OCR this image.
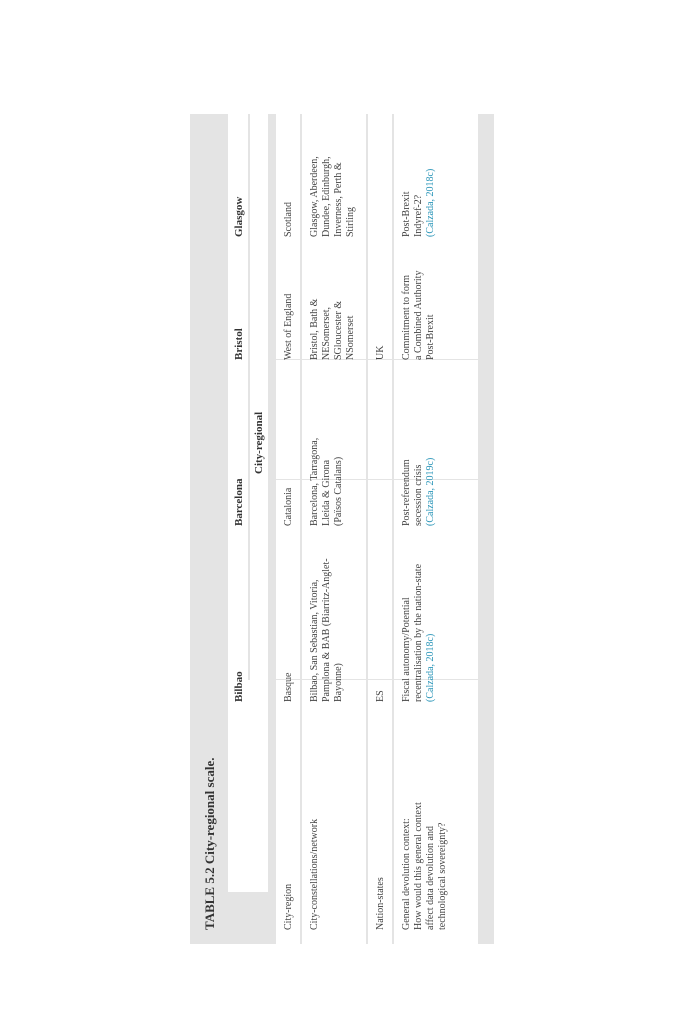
TABLE 5.2 City-regional scale.
Bilbao
Barcelona
Bristol
Glasgow
City-regional
City-region City-constellations/network	Nation-states General devolution context: How would this general context affect data devolution and technological sovereignty?
Basque
Catalonia
West of England
Scotland
Bilbao, San Sebastian, Vitoria, Pamplona & BAB (Biarritz-Anglet- Bayonne)
Barcelona, Tarragona, Lleida & Girona (Països Catalans)
Bristol, Bath & NESomerset, SGloucester & NSomerset
Glasgow, Aberdeen, Dundee, Edinburgh, Inverness, Perth & Stirling
ES
UK
Fiscal autonomy/Potential recentralisation by the nation-state (Calzada, 2018c)
Post-referendum secession crisis (Calzada, 2019c)
Commitment to form a Combined Authority Post-Brexit
Post-Brexit Indyref-2? (Calzada, 2018c)
